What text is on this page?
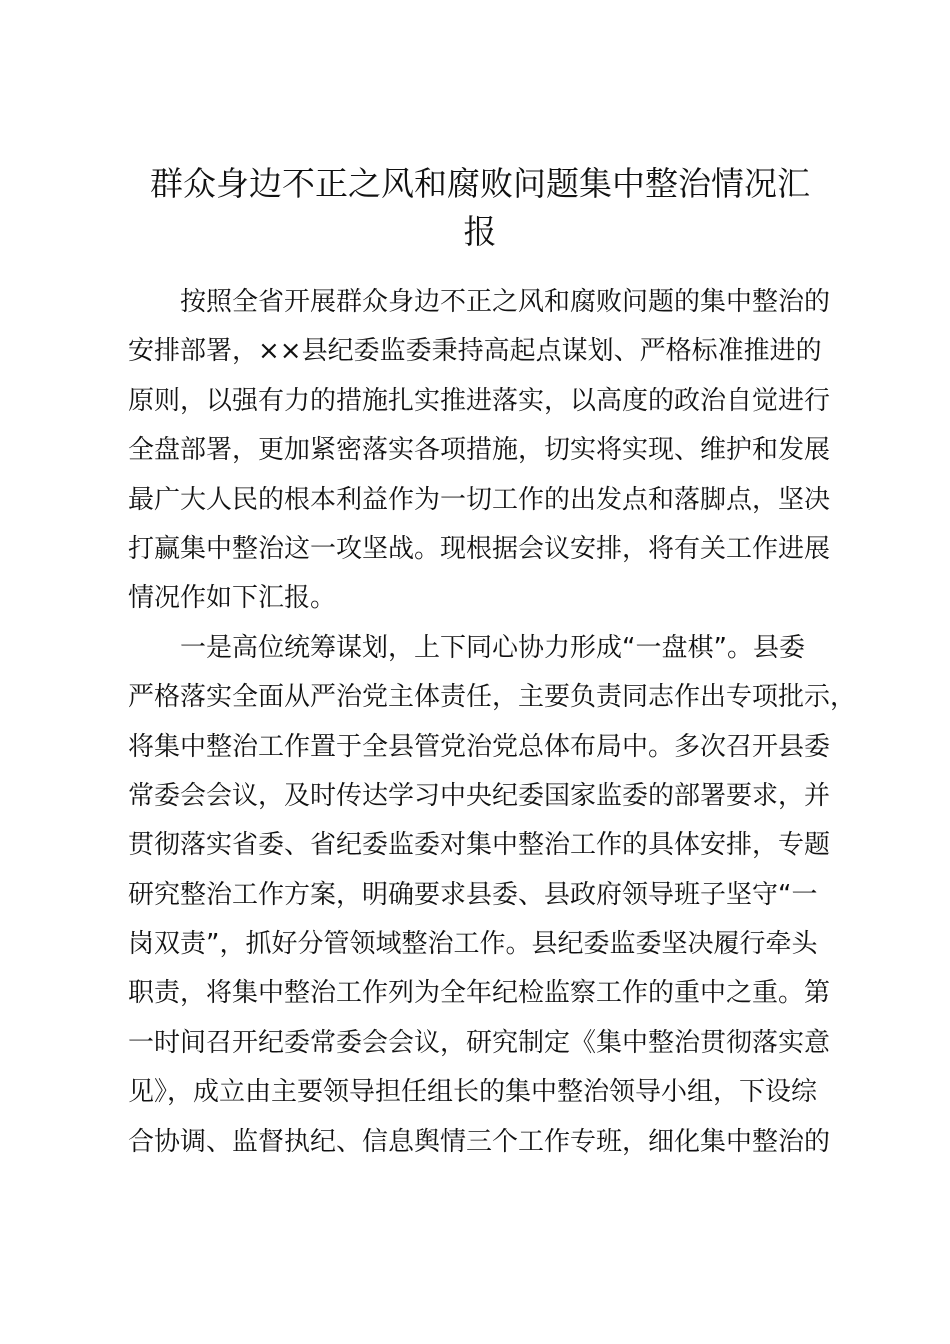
群众身边不正之风和腐败问题集中整治情况汇
报

按照全省开展群众身边不正之风和腐败问题的集中整治的

安排部署，××县纪委监委秉持高起点谋划、严格标准推进的

原则，以强有力的措施扎实推进落实，以高度的政治自觉进行

全盘部署，更加紧密落实各项措施，切实将实现、维护和发展

最广大人民的根本利益作为一切工作的出发点和落脚点，坚决

打赢集中整治这一攻坚战。现根据会议安排，将有关工作进展

情况作如下汇报。

一是高位统筹谋划，上下同心协力形成“一盘棋”。县委

严格落实全面从严治党主体责任，主要负责同志作出专项批示，

将集中整治工作置于全县管党治党总体布局中。多次召开县委

常委会会议，及时传达学习中央纪委国家监委的部署要求，并

贯彻落实省委、省纪委监委对集中整治工作的具体安排，专题

研究整治工作方案，明确要求县委、县政府领导班子坚守“一

岗双责”，抓好分管领域整治工作。县纪委监委坚决履行牵头

职责，将集中整治工作列为全年纪检监察工作的重中之重。第

一时间召开纪委常委会会议，研究制定《集中整治贯彻落实意

见》，成立由主要领导担任组长的集中整治领导小组，下设综

合协调、监督执纪、信息舆情三个工作专班，细化集中整治的
